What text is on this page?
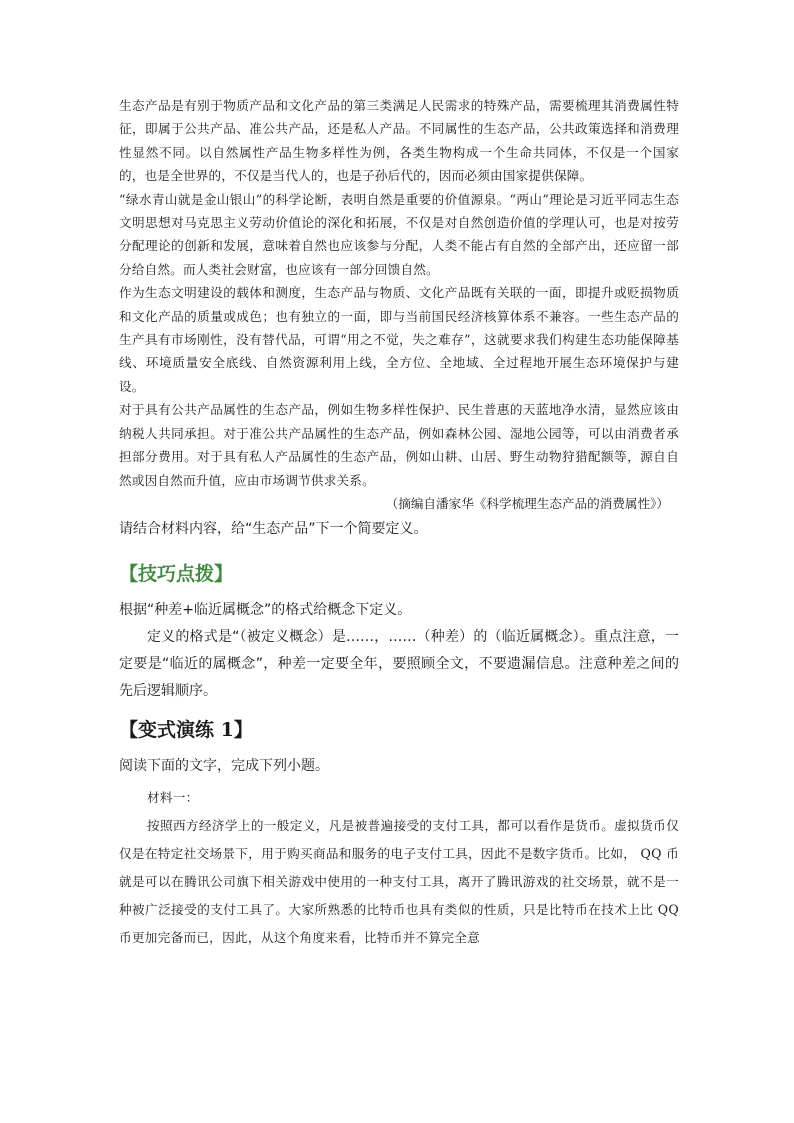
生态产品是有别于物质产品和文化产品的第三类满足人民需求的特殊产品，需要梳理其消费属性特征，即属于公共产品、准公共产品，还是私人产品。不同属性的生态产品，公共政策选择和消费理性显然不同。以自然属性产品生物多样性为例，各类生物构成一个生命共同体，不仅是一个国家的，也是全世界的，不仅是当代人的，也是子孙后代的，因而必须由国家提供保障。

“绿水青山就是金山银山”的科学论断，表明自然是重要的价值源泉。“两山”理论是习近平同志生态文明思想对马克思主义劳动价值论的深化和拓展，不仅是对自然创造价值的学理认可，也是对按劳分配理论的创新和发展，意味着自然也应该参与分配，人类不能占有自然的全部产出，还应留一部分给自然。而人类社会财富，也应该有一部分回馈自然。

作为生态文明建设的载体和测度，生态产品与物质、文化产品既有关联的一面，即提升或贬损物质和文化产品的质量或成色；也有独立的一面，即与当前国民经济核算体系不兼容。一些生态产品的生产具有市场刚性，没有替代品，可谓“用之不觉，失之难存”，这就要求我们构建生态功能保障基线、环境质量安全底线、自然资源利用上线，全方位、全地域、全过程地开展生态环境保护与建设。

对于具有公共产品属性的生态产品，例如生物多样性保护、民生普惠的天蓝地净水清，显然应该由纳税人共同承担。对于准公共产品属性的生态产品，例如森林公园、湿地公园等，可以由消费者承担部分费用。对于具有私人产品属性的生态产品，例如山耕、山居、野生动物狩猎配额等，源自自然或因自然而升值，应由市场调节供求关系。

（摘编自潘家华《科学梳理生态产品的消费属性》）

请结合材料内容，给“生态产品”下一个简要定义。

【技巧点拨】

根据“种差+临近属概念”的格式给概念下定义。

定义的格式是“（被定义概念）是……，……（种差）的（临近属概念）。重点注意，一定要是“临近的属概念”，种差一定要全年，要照顾全文，不要遗漏信息。注意种差之间的先后逻辑顺序。

【变式演练 1】

阅读下面的文字，完成下列小题。

材料一：

按照西方经济学上的一般定义，凡是被普遍接受的支付工具，都可以看作是货币。虚拟货币仅仅是在特定社交场景下，用于购买商品和服务的电子支付工具，因此不是数字货币。比如， QQ 币就是可以在腾讯公司旗下相关游戏中使用的一种支付工具，离开了腾讯游戏的社交场景，就不是一种被广泛接受的支付工具了。大家所熟悉的比特币也具有类似的性质，只是比特币在技术上比 QQ 币更加完备而已，因此，从这个角度来看，比特币并不算完全意
